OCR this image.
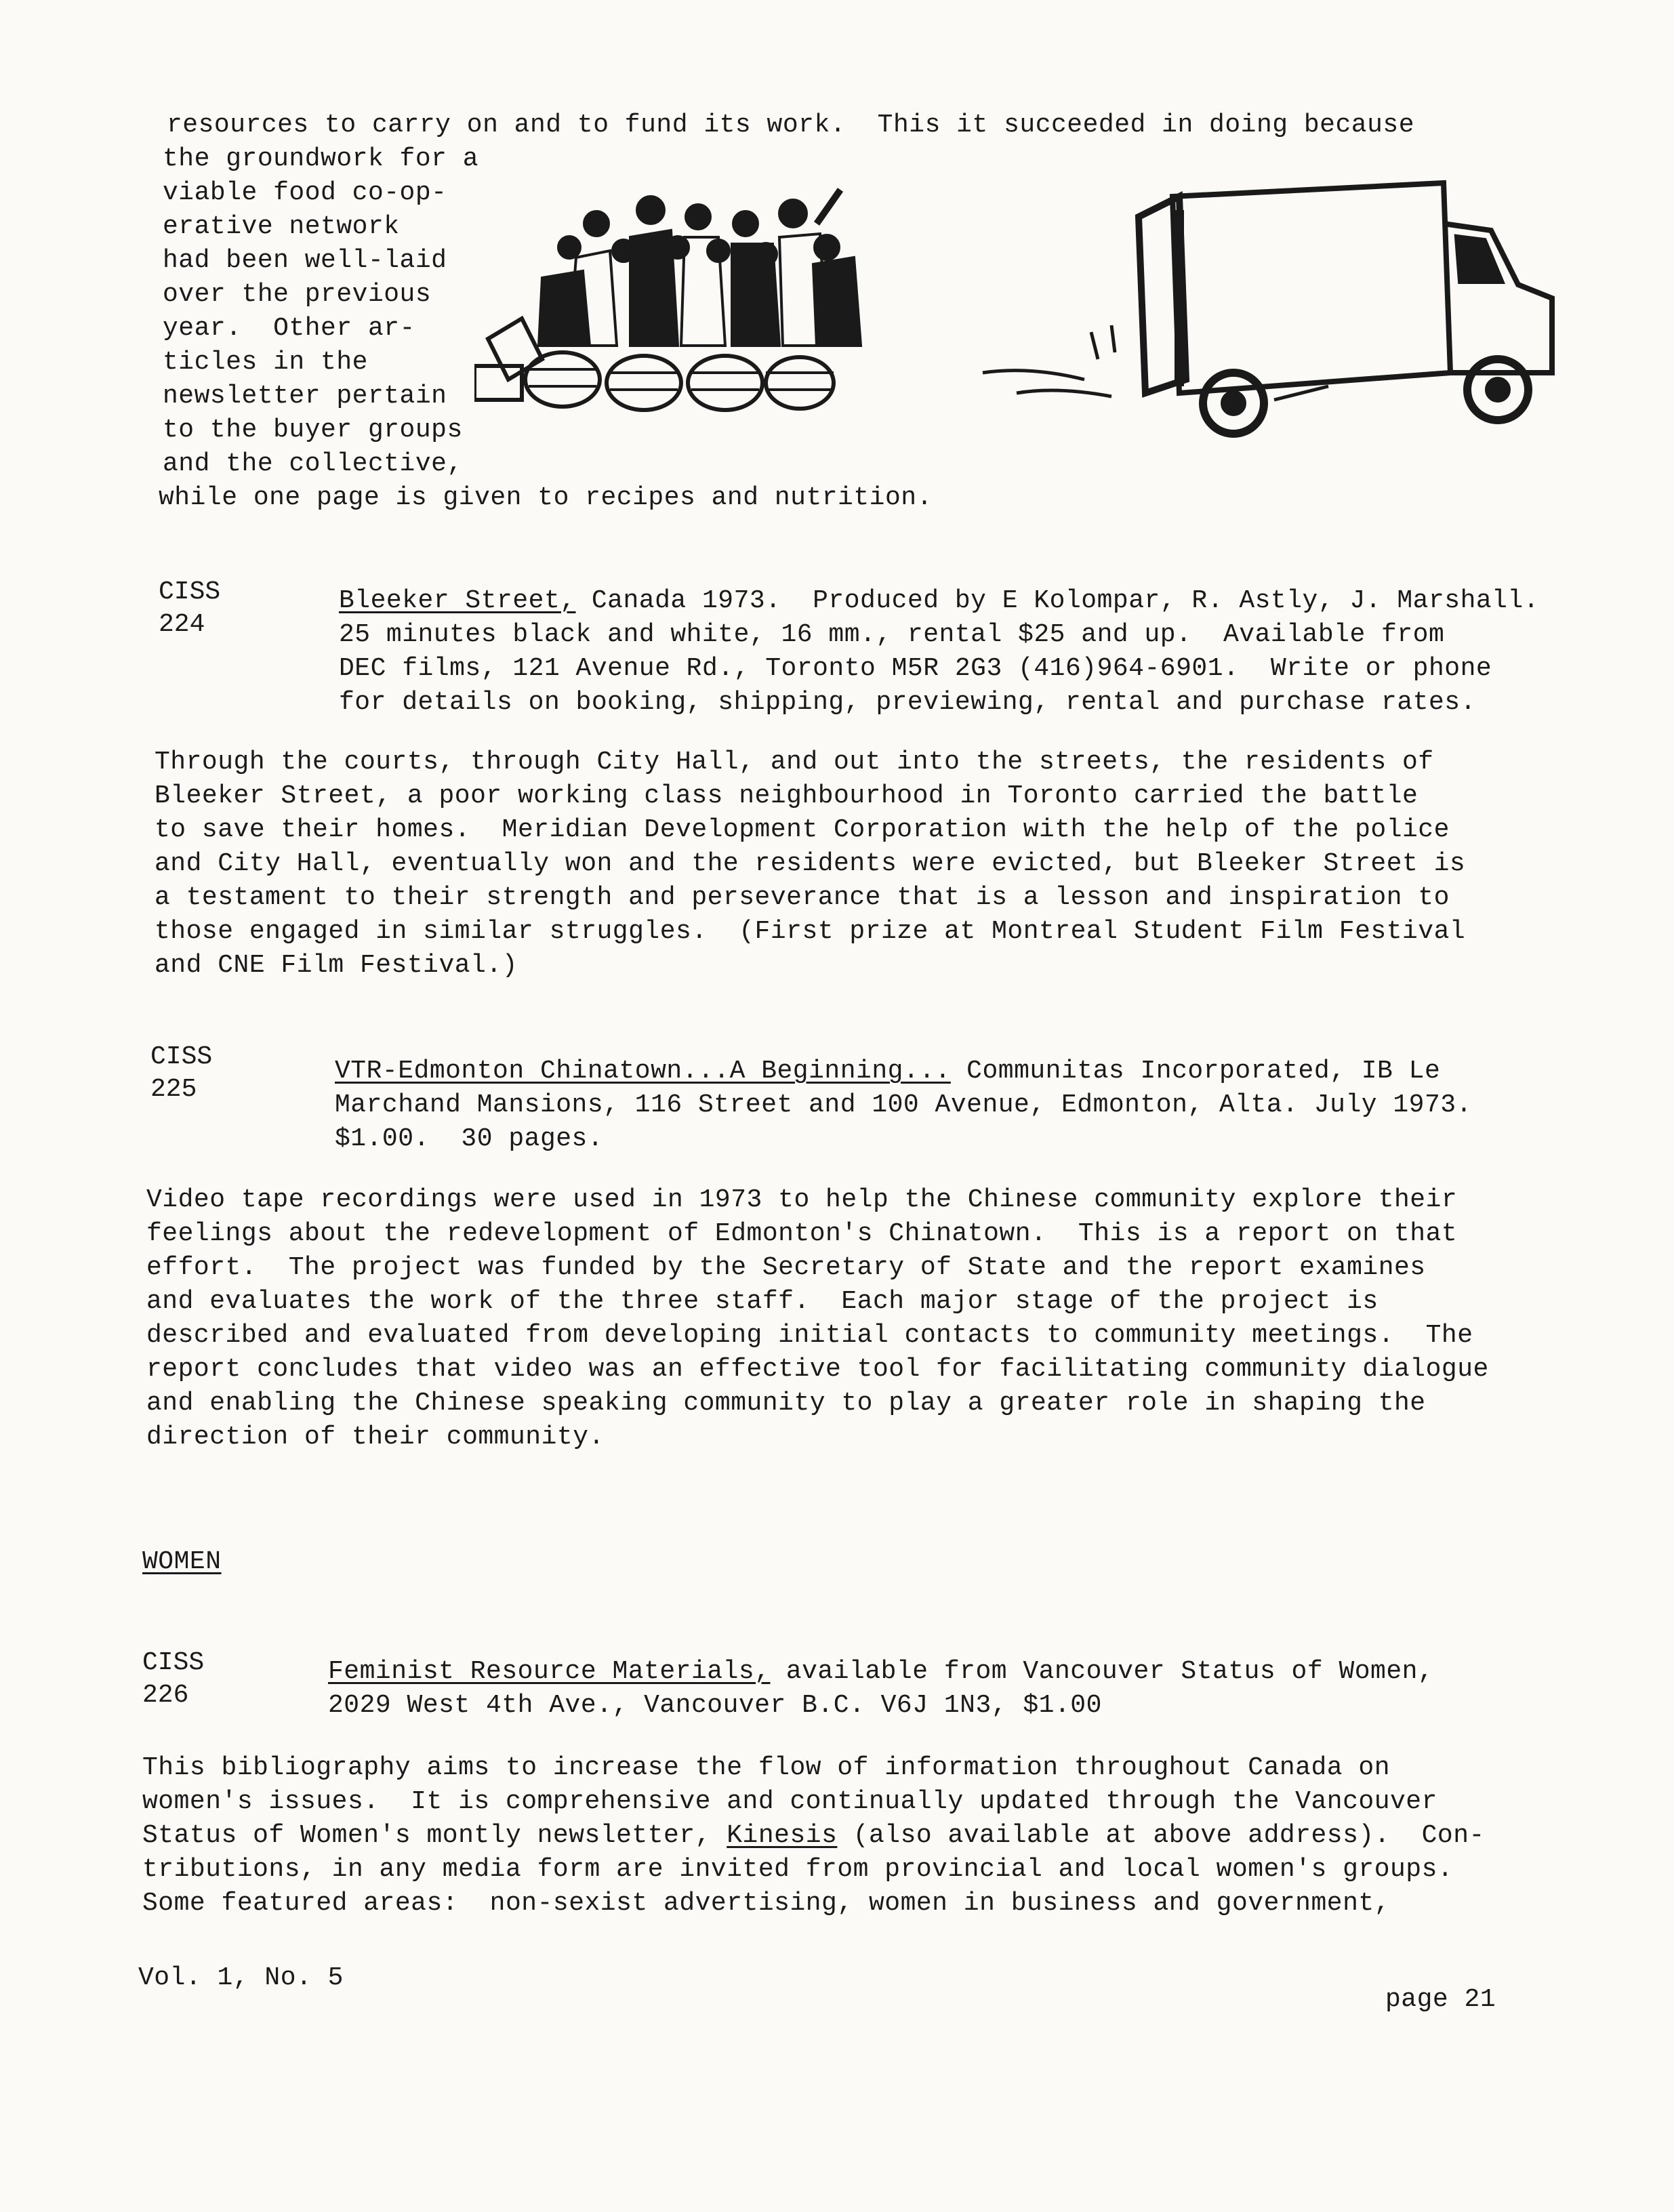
resources to carry on and to fund its work.  This it succeeded in doing because
the groundwork for a
viable food co-op-
erative network
had been well-laid
over the previous
year.  Other ar-
ticles in the
newsletter pertain
to the buyer groups
and the collective,
while one page is given to recipes and nutrition.
CISS
224
Bleeker Street, Canada 1973.  Produced by E Kolompar, R. Astly, J. Marshall.
25 minutes black and white, 16 mm., rental $25 and up.  Available from
DEC films, 121 Avenue Rd., Toronto M5R 2G3 (416)964-6901.  Write or phone
for details on booking, shipping, previewing, rental and purchase rates.
Through the courts, through City Hall, and out into the streets, the residents of
Bleeker Street, a poor working class neighbourhood in Toronto carried the battle
to save their homes.  Meridian Development Corporation with the help of the police
and City Hall, eventually won and the residents were evicted, but Bleeker Street is
a testament to their strength and perseverance that is a lesson and inspiration to
those engaged in similar struggles.  (First prize at Montreal Student Film Festival
and CNE Film Festival.)
CISS
225
VTR-Edmonton Chinatown...A Beginning... Communitas Incorporated, IB Le
Marchand Mansions, 116 Street and 100 Avenue, Edmonton, Alta. July 1973.
$1.00.  30 pages.
Video tape recordings were used in 1973 to help the Chinese community explore their
feelings about the redevelopment of Edmonton's Chinatown.  This is a report on that
effort.  The project was funded by the Secretary of State and the report examines
and evaluates the work of the three staff.  Each major stage of the project is
described and evaluated from developing initial contacts to community meetings.  The
report concludes that video was an effective tool for facilitating community dialogue
and enabling the Chinese speaking community to play a greater role in shaping the
direction of their community.
WOMEN
CISS
226
Feminist Resource Materials, available from Vancouver Status of Women,
2029 West 4th Ave., Vancouver B.C. V6J 1N3, $1.00
This bibliography aims to increase the flow of information throughout Canada on
women's issues.  It is comprehensive and continually updated through the Vancouver
Status of Women's montly newsletter, Kinesis (also available at above address).  Con-
tributions, in any media form are invited from provincial and local women's groups.
Some featured areas:  non-sexist advertising, women in business and government,
Vol. 1, No. 5
page 21
